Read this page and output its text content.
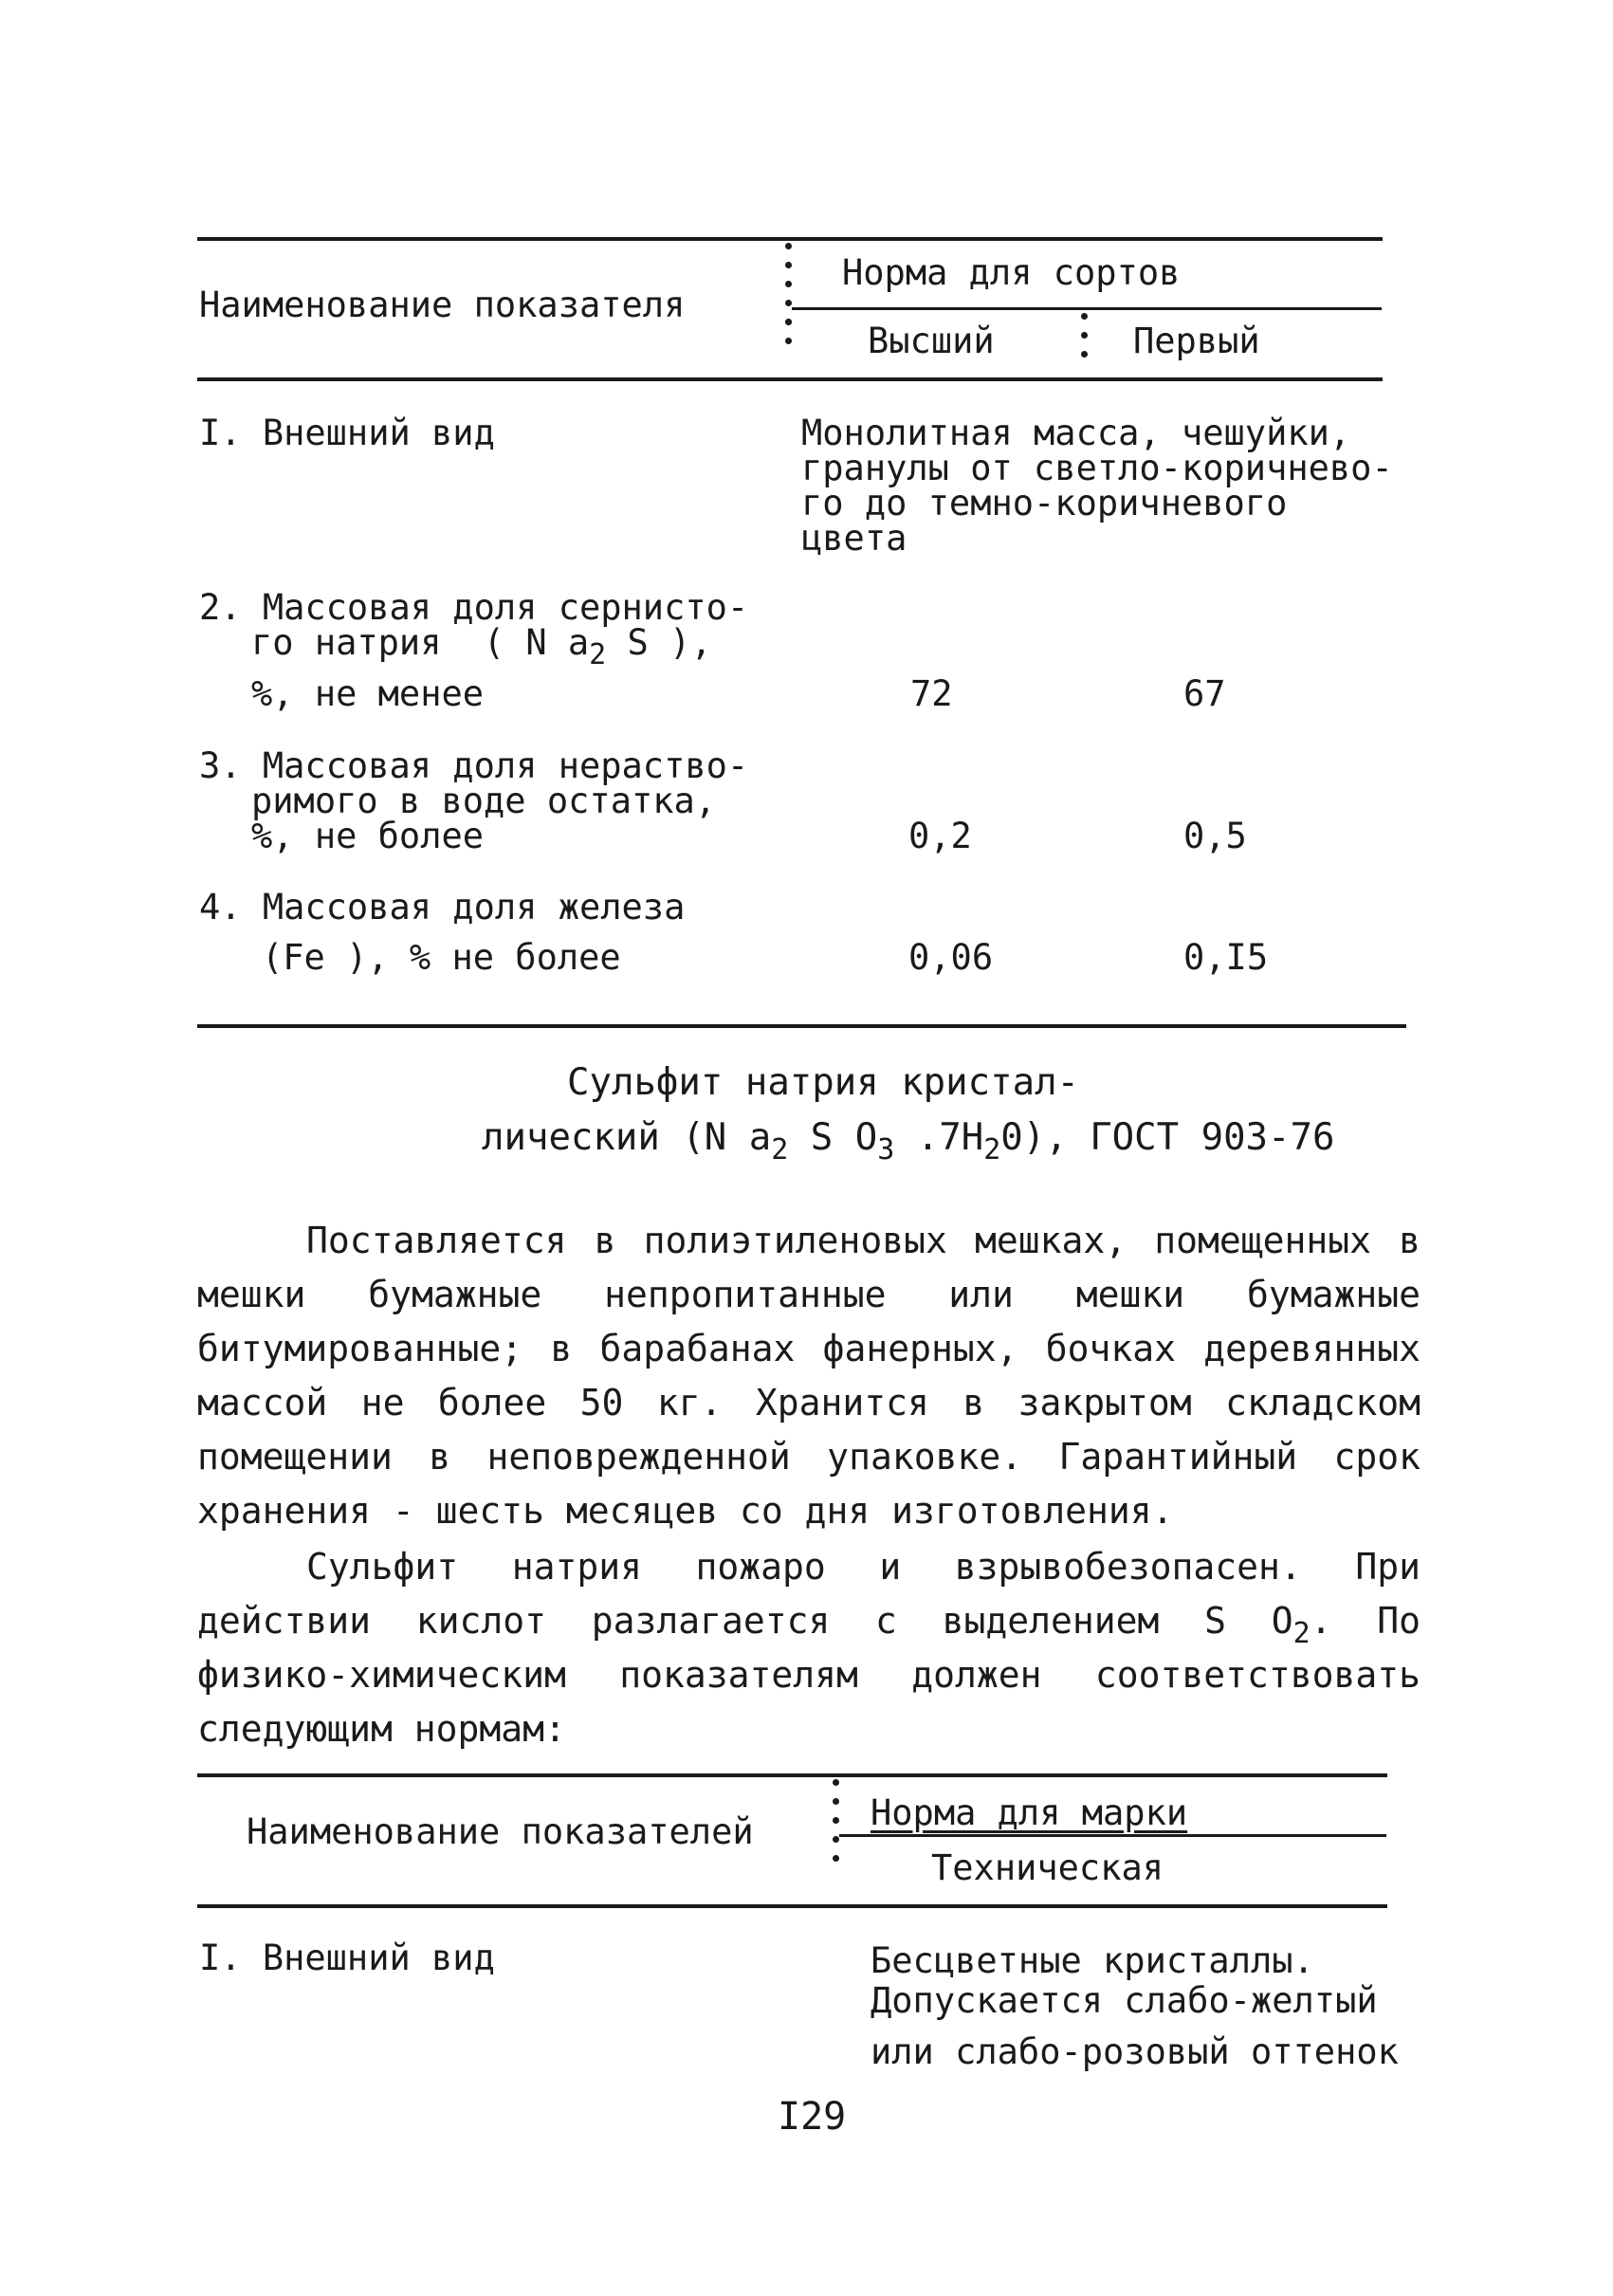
Наименование показателя
Норма для сортов
Высший	Первый
I. Внешний вид	Монолитная масса, чешуйки,
гранулы от светло-коричнево-
го до темно-коричневого
цвета
2. Массовая доля сернисто-
го натрия ( N $a_2$ S ),
%, не менее	72	67
3. Массовая доля нераство-
римого в воде остатка,
%, не более	0,2	0,5
4. Массовая доля железа
(Fe ), % не более	0,06	0,I5
Сульфит натрия кристал-
лический (N $a_2$ S $O_3$ $.7H_20$), ГОСТ 903-76

Поставляется в полиэтиленовых мешках, помещенных в мешки бумажные непропитанные или мешки бумажные битумированные; в барабанах фанерных, бочках деревянных массой не более 50 кг. Хранится в закрытом складском помещении в неповрежденной упаковке. Гарантийный срок хранения - шесть месяцев со дня изготовления.

Сульфит натрия пожаро и взрывобезопасен. При действии кислот разлагается с выделением S $O_2$. По физико-химическим показателям должен соответствовать следующим нормам:

Наименование показателей	Норма для марки
Техническая
I. Внешний вид	Бесцветные кристаллы.
Допускается слабо-желтый
или слабо-розовый оттенок
I29
